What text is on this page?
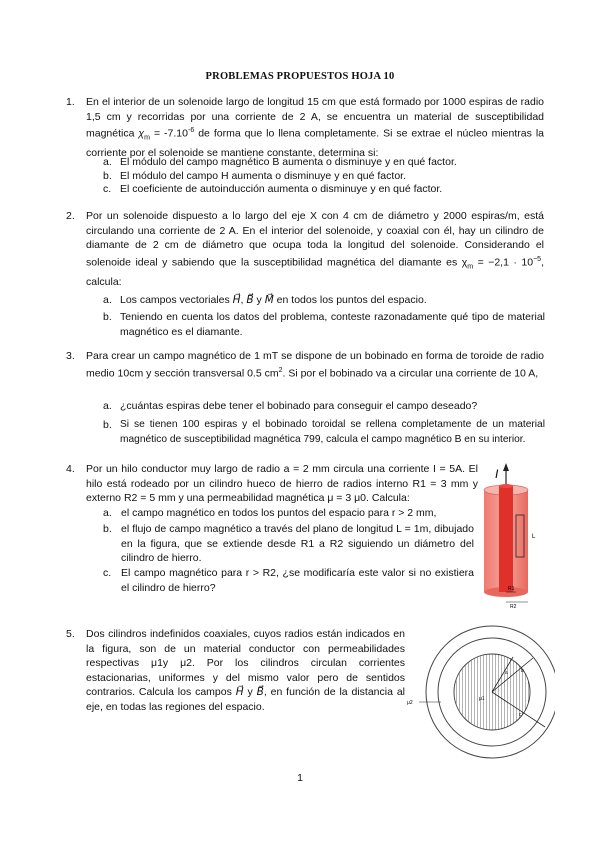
PROBLEMAS PROPUESTOS HOJA 10
1. En el interior de un solenoide largo de longitud 15 cm que está formado por 1000 espiras de radio 1,5 cm y recorridas por una corriente de 2 A, se encuentra un material de susceptibilidad magnética $\chi_m = -7.10^{-6}$ de forma que lo llena completamente. Si se extrae el núcleo mientras la corriente por el solenoide se mantiene constante, determina si:
a. El módulo del campo magnético B aumenta o disminuye y en qué factor.
b. El módulo del campo H aumenta o disminuye y en qué factor.
c. El coeficiente de autoinducción aumenta o disminuye y en qué factor.
2. Por un solenoide dispuesto a lo largo del eje X con 4 cm de diámetro y 2000 espiras/m, está circulando una corriente de 2 A. En el interior del solenoide, y coaxial con él, hay un cilindro de diamante de 2 cm de diámetro que ocupa toda la longitud del solenoide. Considerando el solenoide ideal y sabiendo que la susceptibilidad magnética del diamante es $\chi_m = -2,1 \cdot 10^{-5}$, calcula:
a. Los campos vectoriales H⃗, B⃗ y M⃗ en todos los puntos del espacio.
b. Teniendo en cuenta los datos del problema, conteste razonadamente qué tipo de material magnético es el diamante.
3. Para crear un campo magnético de 1 mT se dispone de un bobinado en forma de toroide de radio medio 10cm y sección transversal 0.5 $cm^2$. Si por el bobinado va a circular una corriente de 10 A,
a. ¿cuántas espiras debe tener el bobinado para conseguir el campo deseado?
b. Si se tienen 100 espiras y el bobinado toroidal se rellena completamente de un material magnético de susceptibilidad magnética 799, calcula el campo magnético B en su interior.
4. Por un hilo conductor muy largo de radio a = 2 mm circula una corriente I = 5A. El hilo está rodeado por un cilindro hueco de hierro de radios interno R1 = 3 mm y externo R2 = 5 mm y una permeabilidad magnética μ = 3 μ0. Calcula:
a. el campo magnético en todos los puntos del espacio para r > 2 mm,
b. el flujo de campo magnético a través del plano de longitud L = 1m, dibujado en la figura, que se extiende desde R1 a R2 siguiendo un diámetro del cilindro de hierro.
c. El campo magnético para r > R2, ¿se modificaría este valor si no existiera el cilindro de hierro?
I
L
R1
R2
5. Dos cilindros indefinidos coaxiales, cuyos radios están indicados en la figura, son de un material conductor con permeabilidades respectivas μ1y μ2. Por los cilindros circulan corrientes estacionarias, uniformes y del mismo valor pero de sentidos contrarios. Calcula los campos H⃗ y B⃗, en función de la distancia al eje, en todas las regiones del espacio.
a	b
c
μ1
μ2
1
